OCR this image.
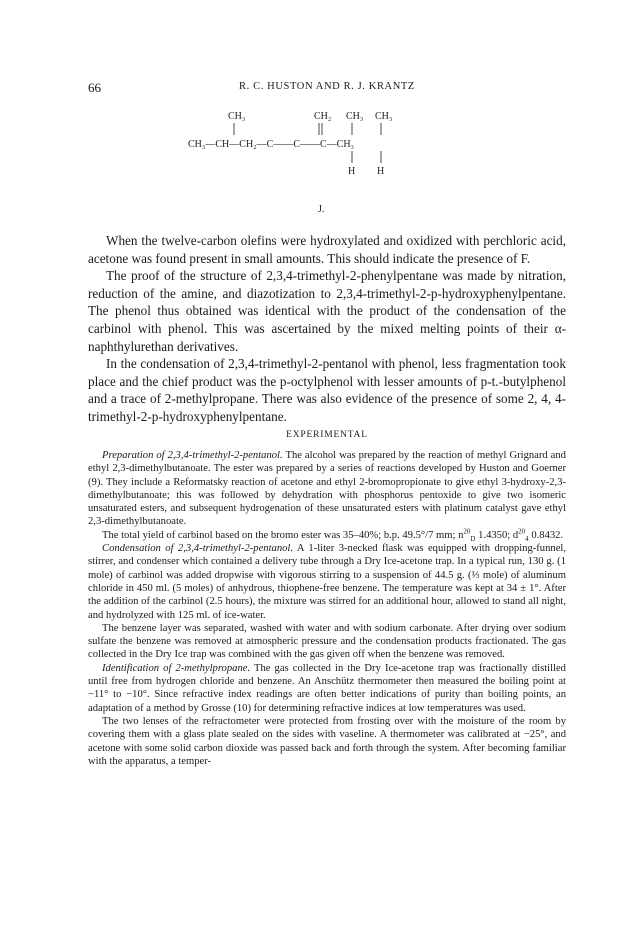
66	R. C. HUSTON AND R. J. KRANTZ
CH₃	CH₂ CH₃ CH₃
CH₃—CH—CH₂—C——C——C—CH₃
H H
J.

When the twelve-carbon olefins were hydroxylated and oxidized with perchloric acid, acetone was found present in small amounts. This should indicate the presence of F.

The proof of the structure of 2,3,4-trimethyl-2-phenylpentane was made by nitration, reduction of the amine, and diazotization to 2,3,4-trimethyl-2-p-hydroxyphenylpentane. The phenol thus obtained was identical with the product of the condensation of the carbinol with phenol. This was ascertained by the mixed melting points of their α-naphthylurethan derivatives.

In the condensation of 2,3,4-trimethyl-2-pentanol with phenol, less fragmentation took place and the chief product was the p-octylphenol with lesser amounts of p-t.-butylphenol and a trace of 2-methylpropane. There was also evidence of the presence of some 2, 4, 4-trimethyl-2-p-hydroxyphenylpentane.

EXPERIMENTAL

Preparation of 2,3,4-trimethyl-2-pentanol. The alcohol was prepared by the reaction of methyl Grignard and ethyl 2,3-dimethylbutanoate. The ester was prepared by a series of reactions developed by Huston and Goerner (9). They include a Reformatsky reaction of acetone and ethyl 2-bromopropionate to give ethyl 3-hydroxy-2,3-dimethylbutanoate; this was followed by dehydration with phosphorus pentoxide to give two isomeric unsaturated esters, and subsequent hydrogenation of these unsaturated esters with platinum catalyst gave ethyl 2,3-dimethylbutanoate.

The total yield of carbinol based on the bromo ester was 35–40%; b.p. 49.5°/7 mm; $n^{20}_D$ 1.4350; $d^{20}_4$ 0.8432.

Condensation of 2,3,4-trimethyl-2-pentanol. A 1-liter 3-necked flask was equipped with dropping-funnel, stirrer, and condenser which contained a delivery tube through a Dry Ice-acetone trap. In a typical run, 130 g. (1 mole) of carbinol was added dropwise with vigorous stirring to a suspension of 44.5 g. (⅓ mole) of aluminum chloride in 450 ml. (5 moles) of anhydrous, thiophene-free benzene. The temperature was kept at 34 ± 1°. After the addition of the carbinol (2.5 hours), the mixture was stirred for an additional hour, allowed to stand all night, and hydrolyzed with 125 ml. of ice-water.

The benzene layer was separated, washed with water and with sodium carbonate. After drying over sodium sulfate the benzene was removed at atmospheric pressure and the condensation products fractionated. The gas collected in the Dry Ice trap was combined with the gas given off when the benzene was removed.

Identification of 2-methylpropane. The gas collected in the Dry Ice-acetone trap was fractionally distilled until free from hydrogen chloride and benzene. An Anschütz thermometer then measured the boiling point at −11° to −10°. Since refractive index readings are often better indications of purity than boiling points, an adaptation of a method by Grosse (10) for determining refractive indices at low temperatures was used.

The two lenses of the refractometer were protected from frosting over with the moisture of the room by covering them with a glass plate sealed on the sides with vaseline. A thermometer was calibrated at −25°, and acetone with some solid carbon dioxide was passed back and forth through the system. After becoming familiar with the apparatus, a temper-
